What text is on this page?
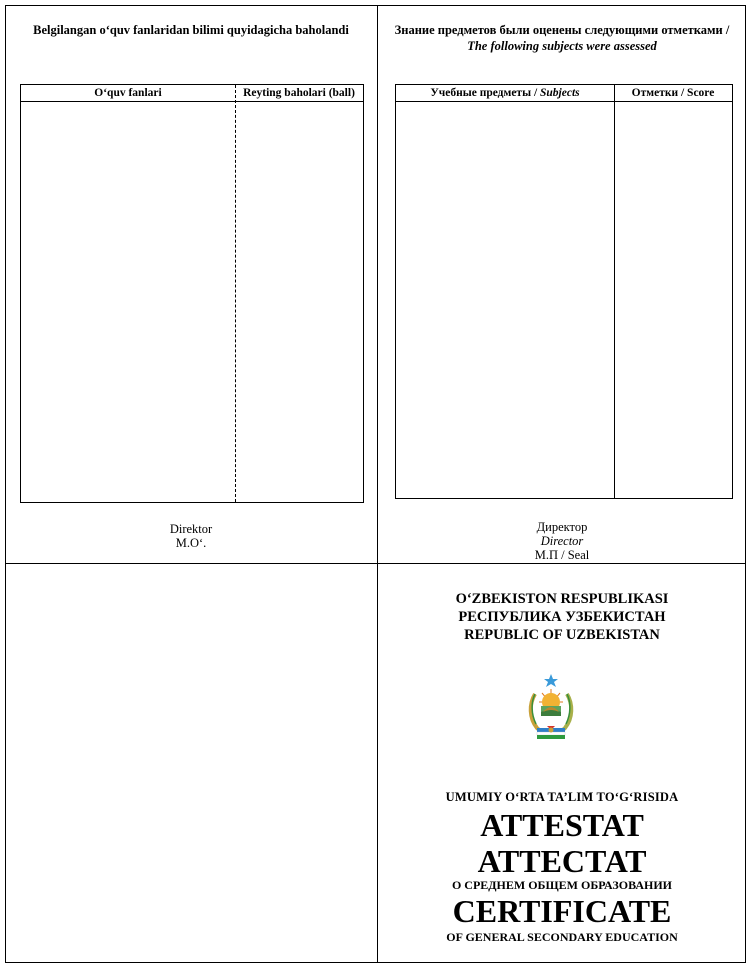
Belgilangan o‘quv fanlaridan bilimi quyidagicha baholandi
O‘quv fanlari	Reyting baholari (ball)
Direktor
M.O‘.
Знание предметов были оценены следующими отметками /
The following subjects were assessed
Учебные предметы / Subjects	Отметки / Score
Директор
Director
М.П / Seal
O‘ZBEKISTON RESPUBLIKASI
РЕСПУБЛИКА УЗБЕКИСТАН
REPUBLIC OF UZBEKISTAN
UMUMIY O‘RTA TA’LIM TO‘G‘RISIDA
ATTESTAT
АТТЕСТАТ
О СРЕДНЕМ ОБЩЕМ ОБРАЗОВАНИИ
CERTIFICATE
OF GENERAL SECONDARY EDUCATION
